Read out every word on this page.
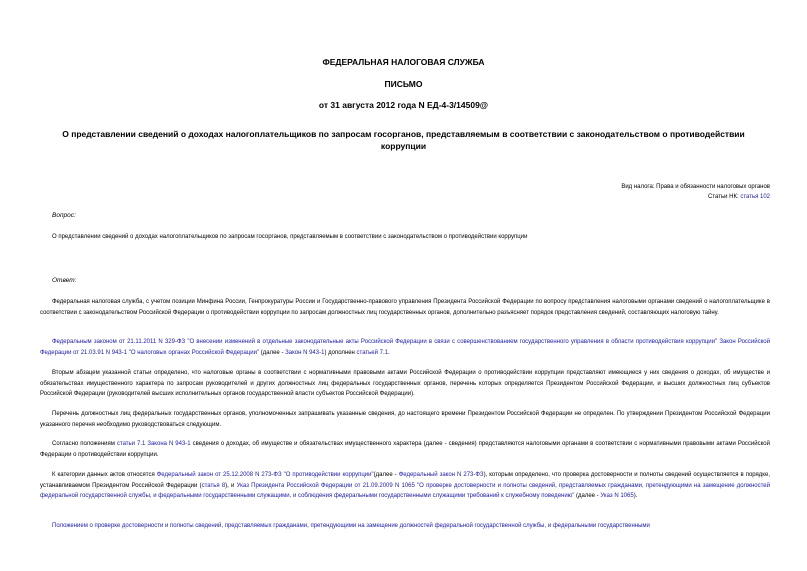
ФЕДЕРАЛЬНАЯ НАЛОГОВАЯ СЛУЖБА
ПИСЬМО
от 31 августа 2012 года N ЕД-4-3/14509@
О представлении сведений о доходах налогоплательщиков по запросам госорганов, представляемым в соответствии с законодательством о противодействии коррупции
Вид налога: Права и обязанности налоговых органов
Статьи НК: статья 102
Вопрос:
О представлении сведений о доходах налогоплательщиков по запросам госорганов, представляемым в соответствии с законодательством о противодействии коррупции
Ответ:
Федеральная налоговая служба, с учетом позиции Минфина России, Генпрокуратуры России и Государственно-правового управления Президента Российской Федерации по вопросу представления налоговыми органами сведений о налогоплательщике в соответствии с законодательством Российской Федерации о противодействии коррупции по запросам должностных лиц государственных органов, дополнительно разъясняет порядок представления сведений, составляющих налоговую тайну.
Федеральным законом от 21.11.2011 N 329-ФЗ "О внесении изменений в отдельные законодательные акты Российской Федерации в связи с совершенствованием государственного управления в области противодействия коррупции" Закон Российской Федерации от 21.03.91 N 943-1 "О налоговых органах Российской Федерации" (далее - Закон N 943-1) дополнен статьей 7.1.
Вторым абзацем указанной статьи определено, что налоговые органы в соответствии с нормативными правовыми актами Российской Федерации о противодействии коррупции представляют имеющиеся у них сведения о доходах, об имуществе и обязательствах имущественного характера по запросам руководителей и других должностных лиц федеральных государственных органов, перечень которых определяется Президентом Российской Федерации, и высших должностных лиц субъектов Российской Федерации (руководителей высших исполнительных органов государственной власти субъектов Российской Федерации).
Перечень должностных лиц федеральных государственных органов, уполномоченных запрашивать указанные сведения, до настоящего времени Президентом Российской Федерации не определен. По утверждении Президентом Российской Федерации указанного перечня необходимо руководствоваться следующим.
Согласно положениям статьи 7.1 Закона N 943-1 сведения о доходах, об имуществе и обязательствах имущественного характера (далее - сведения) представляются налоговыми органами в соответствии с нормативными правовыми актами Российской Федерации о противодействии коррупции.
К категории данных актов относятся Федеральный закон от 25.12.2008 N 273-ФЗ "О противодействии коррупции"(далее - Федеральный закон N 273-ФЗ), которым определено, что проверка достоверности и полноты сведений осуществляется в порядке, устанавливаемом Президентом Российской Федерации (статья 8), и Указ Президента Российской Федерации от 21.09.2009 N 1065 "О проверке достоверности и полноты сведений, представляемых гражданами, претендующими на замещение должностей федеральной государственной службы, и федеральными государственными служащими, и соблюдения федеральными государственными служащими требований к служебному поведению" (далее - Указ N 1065).
Положением о проверке достоверности и полноты сведений, представляемых гражданами, претендующими на замещение должностей федеральной государственной службы, и федеральными государственными
